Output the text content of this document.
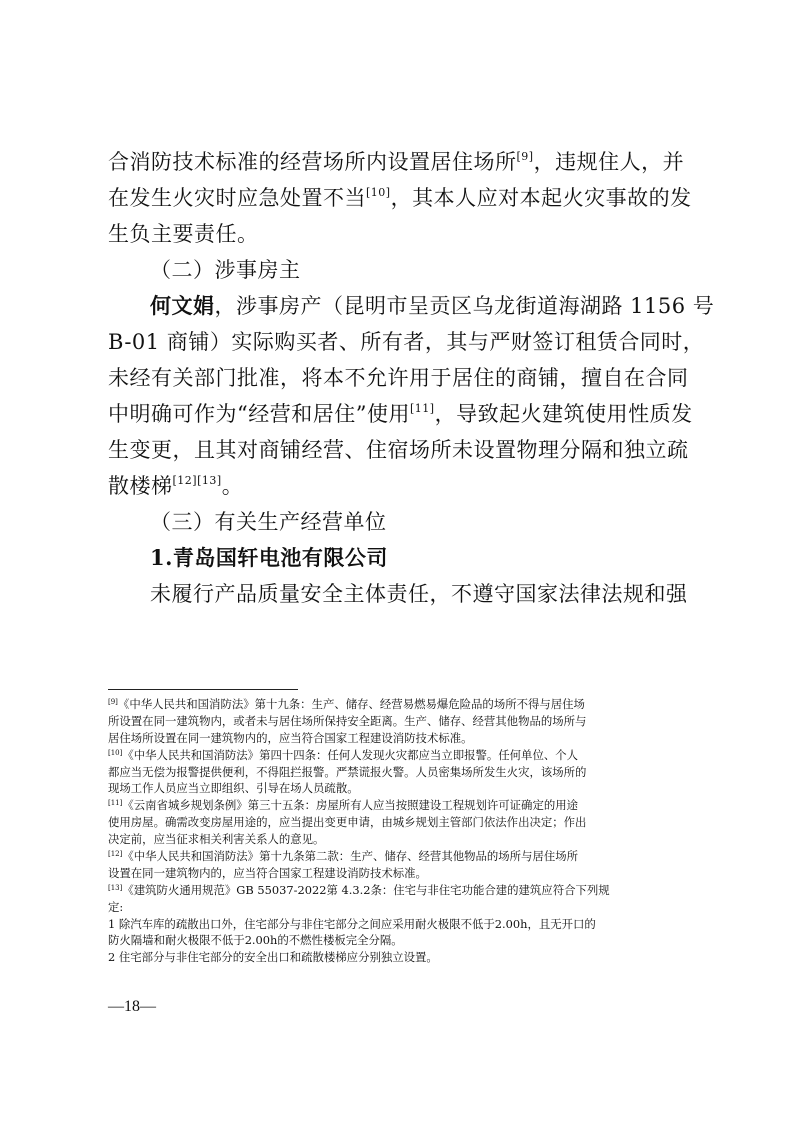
合消防技术标准的经营场所内设置居住场所[9]，违规住人，并
在发生火灾时应急处置不当[10]，其本人应对本起火灾事故的发
生负主要责任。
（二）涉事房主
何文娟，涉事房产（昆明市呈贡区乌龙街道海湖路 1156 号
B-01 商铺）实际购买者、所有者，其与严财签订租赁合同时，
未经有关部门批准，将本不允许用于居住的商铺，擅自在合同
中明确可作为“经营和居住”使用[11]，导致起火建筑使用性质发
生变更，且其对商铺经营、住宿场所未设置物理分隔和独立疏
散楼梯[12][13]。
（三）有关生产经营单位
1.青岛国轩电池有限公司
未履行产品质量安全主体责任，不遵守国家法律法规和强
[9]《中华人民共和国消防法》第十九条：生产、储存、经营易燃易爆危险品的场所不得与居住场
所设置在同一建筑物内，或者未与居住场所保持安全距离。生产、储存、经营其他物品的场所与
居住场所设置在同一建筑物内的，应当符合国家工程建设消防技术标准。
[10]《中华人民共和国消防法》第四十四条：任何人发现火灾都应当立即报警。任何单位、个人
都应当无偿为报警提供便利，不得阻拦报警。严禁谎报火警。人员密集场所发生火灾，该场所的
现场工作人员应当立即组织、引导在场人员疏散。
[11]《云南省城乡规划条例》第三十五条：房屋所有人应当按照建设工程规划许可证确定的用途
使用房屋。确需改变房屋用途的，应当提出变更申请，由城乡规划主管部门依法作出决定；作出
决定前，应当征求相关利害关系人的意见。
[12]《中华人民共和国消防法》第十九条第二款：生产、储存、经营其他物品的场所与居住场所
设置在同一建筑物内的，应当符合国家工程建设消防技术标准。
[13]《建筑防火通用规范》GB 55037-2022第 4.3.2条：住宅与非住宅功能合建的建筑应符合下列规
定:
1 除汽车库的疏散出口外，住宅部分与非住宅部分之间应采用耐火极限不低于2.00h，且无开口的
防火隔墙和耐火极限不低于2.00h的不燃性楼板完全分隔。
2 住宅部分与非住宅部分的安全出口和疏散楼梯应分别独立设置。
—18—
